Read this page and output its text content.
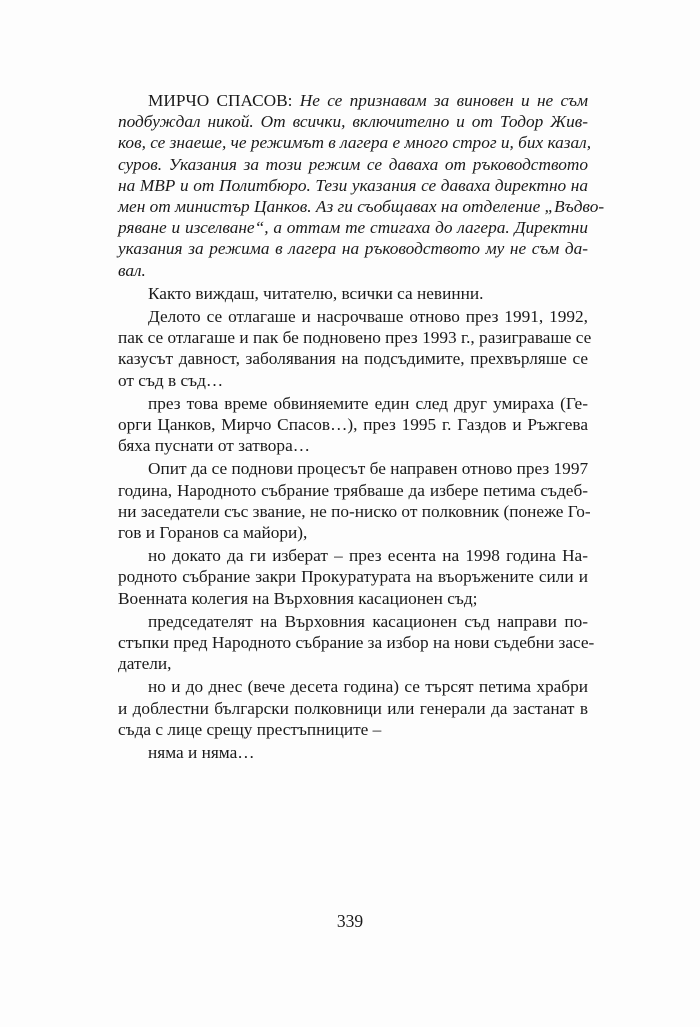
МИРЧО СПАСОВ: Не се признавам за виновен и не съм
подбуждал никой. От всички, включително и от Тодор Жив-
ков, се знаеше, че режимът в лагера е много строг и, бих казал,
суров. Указания за този режим се даваха от ръководството
на МВР и от Политбюро. Тези указания се даваха директно на
мен от министър Цанков. Аз ги съобщавах на отделение „Въдво-
ряване и изселване“, а оттам те стигаха до лагера. Директни
указания за режима в лагера на ръководството му не съм да-
вал.
Както виждаш, читателю, всички са невинни.
Делото се отлагаше и насрочваше отново през 1991, 1992,
пак се отлагаше и пак бе подновено през 1993 г., разиграваше се
казусът давност, заболявания на подсъдимите, прехвърляше се
от съд в съд…
през това време обвиняемите един след друг умираха (Ге-
орги Цанков, Мирчо Спасов…), през 1995 г. Газдов и Ръжгева
бяха пуснати от затвора…
Опит да се поднови процесът бе направен отново през 1997
година, Народното събрание трябваше да избере петима съдеб-
ни заседатели със звание, не по-ниско от полковник (понеже Го-
гов и Горанов са майори),
но докато да ги изберат – през есента на 1998 година На-
родното събрание закри Прокуратурата на въоръжените сили и
Военната колегия на Върховния касационен съд;
председателят на Върховния касационен съд направи по-
стъпки пред Народното събрание за избор на нови съдебни засе-
датели,
но и до днес (вече десета година) се търсят петима храбри
и доблестни български полковници или генерали да застанат в
съда с лице срещу престъпниците –
няма и няма…
339
